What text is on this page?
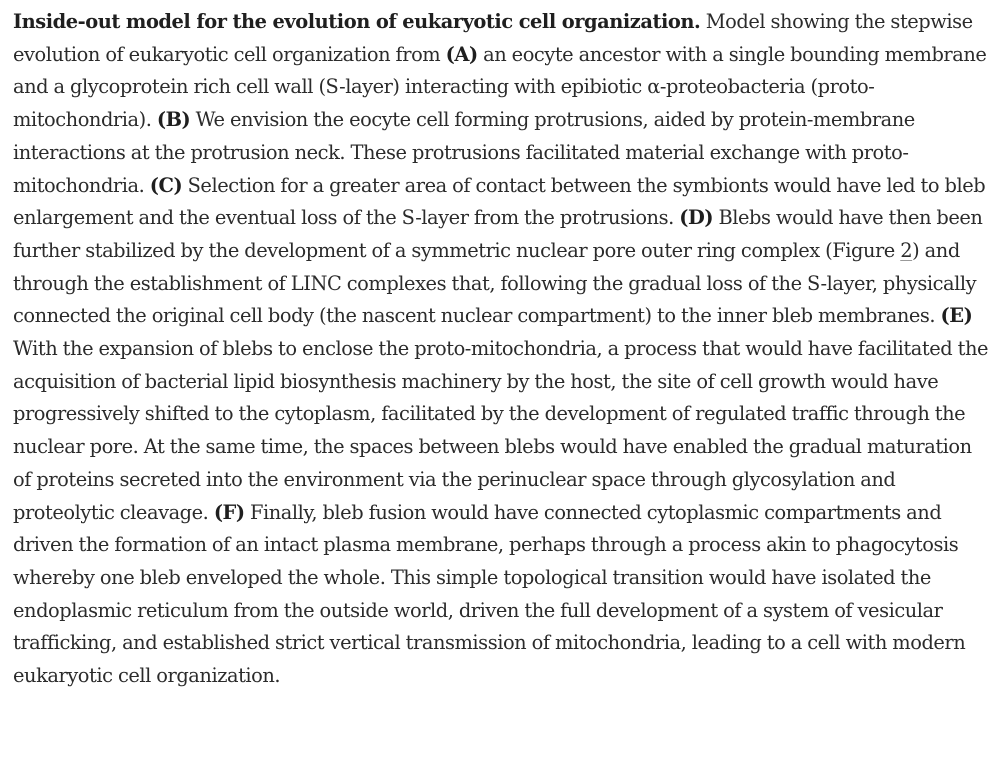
Inside-out model for the evolution of eukaryotic cell organization. Model showing the stepwise evolution of eukaryotic cell organization from (A) an eocyte ancestor with a single bounding membrane and a glycoprotein rich cell wall (S-layer) interacting with epibiotic α-proteobacteria (proto-mitochondria). (B) We envision the eocyte cell forming protrusions, aided by protein-membrane interactions at the protrusion neck. These protrusions facilitated material exchange with proto-mitochondria. (C) Selection for a greater area of contact between the symbionts would have led to bleb enlargement and the eventual loss of the S-layer from the protrusions. (D) Blebs would have then been further stabilized by the development of a symmetric nuclear pore outer ring complex (Figure 2) and through the establishment of LINC complexes that, following the gradual loss of the S-layer, physically connected the original cell body (the nascent nuclear compartment) to the inner bleb membranes. (E) With the expansion of blebs to enclose the proto-mitochondria, a process that would have facilitated the acquisition of bacterial lipid biosynthesis machinery by the host, the site of cell growth would have progressively shifted to the cytoplasm, facilitated by the development of regulated traffic through the nuclear pore. At the same time, the spaces between blebs would have enabled the gradual maturation of proteins secreted into the environment via the perinuclear space through glycosylation and proteolytic cleavage. (F) Finally, bleb fusion would have connected cytoplasmic compartments and driven the formation of an intact plasma membrane, perhaps through a process akin to phagocytosis whereby one bleb enveloped the whole. This simple topological transition would have isolated the endoplasmic reticulum from the outside world, driven the full development of a system of vesicular trafficking, and established strict vertical transmission of mitochondria, leading to a cell with modern eukaryotic cell organization.
